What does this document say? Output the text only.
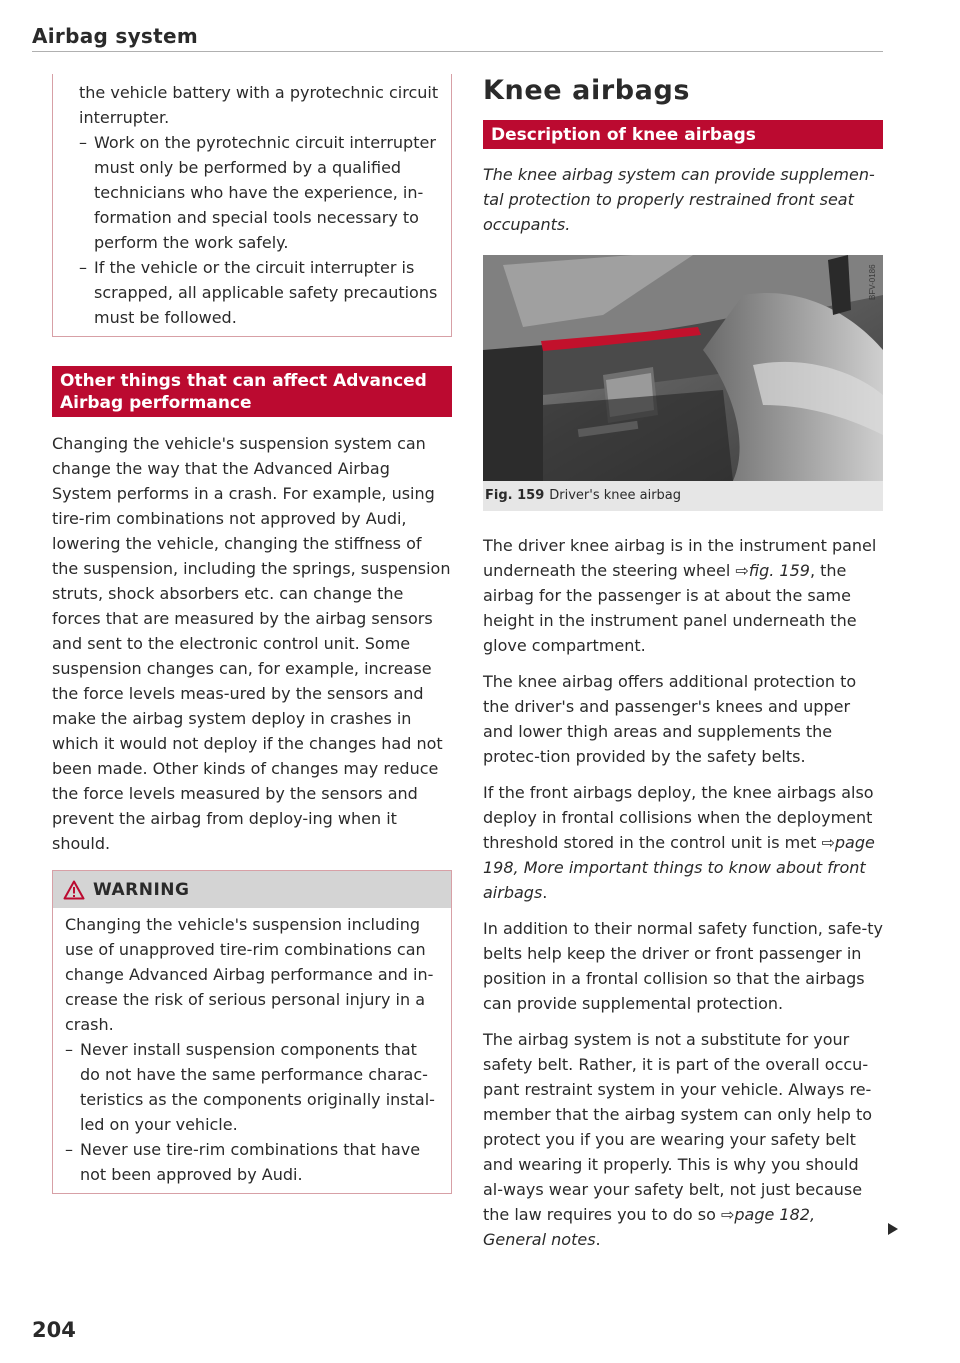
Airbag system

the vehicle battery with a pyrotechnic circuit interrupter.

– Work on the pyrotechnic circuit interrupter must only be performed by a qualified technicians who have the experience, in-formation and special tools necessary to perform the work safely.
– If the vehicle or the circuit interrupter is scrapped, all applicable safety precautions must be followed.
Other things that can affect Advanced Airbag performance

Changing the vehicle's suspension system can change the way that the Advanced Airbag System performs in a crash. For example, using tire-rim combinations not approved by Audi, lowering the vehicle, changing the stiffness of the suspension, including the springs, suspension struts, shock absorbers etc. can change the forces that are measured by the airbag sensors and sent to the electronic control unit. Some suspension changes can, for example, increase the force levels meas-ured by the sensors and make the airbag system deploy in crashes in which it would not deploy if the changes had not been made. Other kinds of changes may reduce the force levels measured by the sensors and prevent the airbag from deploy-ing when it should.

WARNING

Changing the vehicle's suspension including use of unapproved tire-rim combinations can change Advanced Airbag performance and in-crease the risk of serious personal injury in a crash.

– Never install suspension components that do not have the same performance charac-teristics as the components originally instal-led on your vehicle.
– Never use tire-rim combinations that have not been approved by Audi.
Knee airbags
Description of knee airbags

The knee airbag system can provide supplemen-tal protection to properly restrained front seat occupants.

BFV-0186
Fig. 159 Driver's knee airbag

The driver knee airbag is in the instrument panel underneath the steering wheel ⇨fig. 159, the airbag for the passenger is at about the same height in the instrument panel underneath the glove compartment.

The knee airbag offers additional protection to the driver's and passenger's knees and upper and lower thigh areas and supplements the protec-tion provided by the safety belts.

If the front airbags deploy, the knee airbags also deploy in frontal collisions when the deployment threshold stored in the control unit is met ⇨page 198, More important things to know about front airbags.

In addition to their normal safety function, safe-ty belts help keep the driver or front passenger in position in a frontal collision so that the airbags can provide supplemental protection.

The airbag system is not a substitute for your safety belt. Rather, it is part of the overall occu-pant restraint system in your vehicle. Always re-member that the airbag system can only help to protect you if you are wearing your safety belt and wearing it properly. This is why you should al-ways wear your safety belt, not just because the law requires you to do so ⇨page 182, General notes.

204
